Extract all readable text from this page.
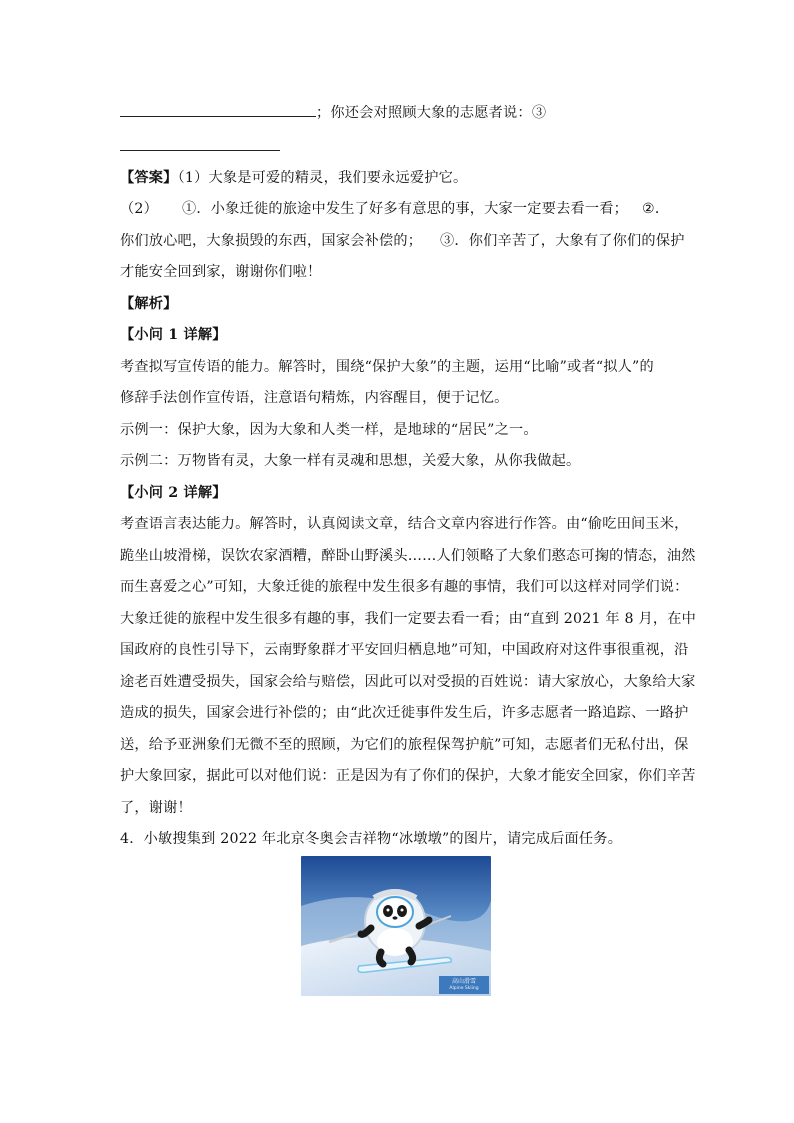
；你还会对照顾大象的志愿者说：③
【答案】（1）大象是可爱的精灵，我们要永远爱护它。
（2） ①．小象迁徙的旅途中发生了好多有意思的事，大家一定要去看一看； ②．
你们放心吧，大象损毁的东西，国家会补偿的； ③．你们辛苦了，大象有了你们的保护
才能安全回到家，谢谢你们啦！
【解析】
【小问 1 详解】
考查拟写宣传语的能力。解答时，围绕“保护大象”的主题，运用“比喻”或者“拟人”的
修辞手法创作宣传语，注意语句精炼，内容醒目，便于记忆。
示例一：保护大象，因为大象和人类一样，是地球的“居民”之一。
示例二：万物皆有灵，大象一样有灵魂和思想，关爱大象，从你我做起。
【小问 2 详解】
考查语言表达能力。解答时，认真阅读文章，结合文章内容进行作答。由“偷吃田间玉米，
跪坐山坡滑梯，误饮农家酒糟，醉卧山野溪头……人们领略了大象们憨态可掬的情态，油然
而生喜爱之心”可知，大象迁徙的旅程中发生很多有趣的事情，我们可以这样对同学们说：
大象迁徙的旅程中发生很多有趣的事，我们一定要去看一看；由“直到 2021 年 8 月，在中
国政府的良性引导下，云南野象群才平安回归栖息地”可知，中国政府对这件事很重视，沿
途老百姓遭受损失，国家会给与赔偿，因此可以对受损的百姓说：请大家放心，大象给大家
造成的损失，国家会进行补偿的；由“此次迁徙事件发生后，许多志愿者一路追踪、一路护
送，给予亚洲象们无微不至的照顾，为它们的旅程保驾护航”可知，志愿者们无私付出，保
护大象回家，据此可以对他们说：正是因为有了你们的保护，大象才能安全回家，你们辛苦
了，谢谢！
4．小敏搜集到 2022 年北京冬奥会吉祥物“冰墩墩”的图片，请完成后面任务。
高山滑雪
Alpine Skiing
